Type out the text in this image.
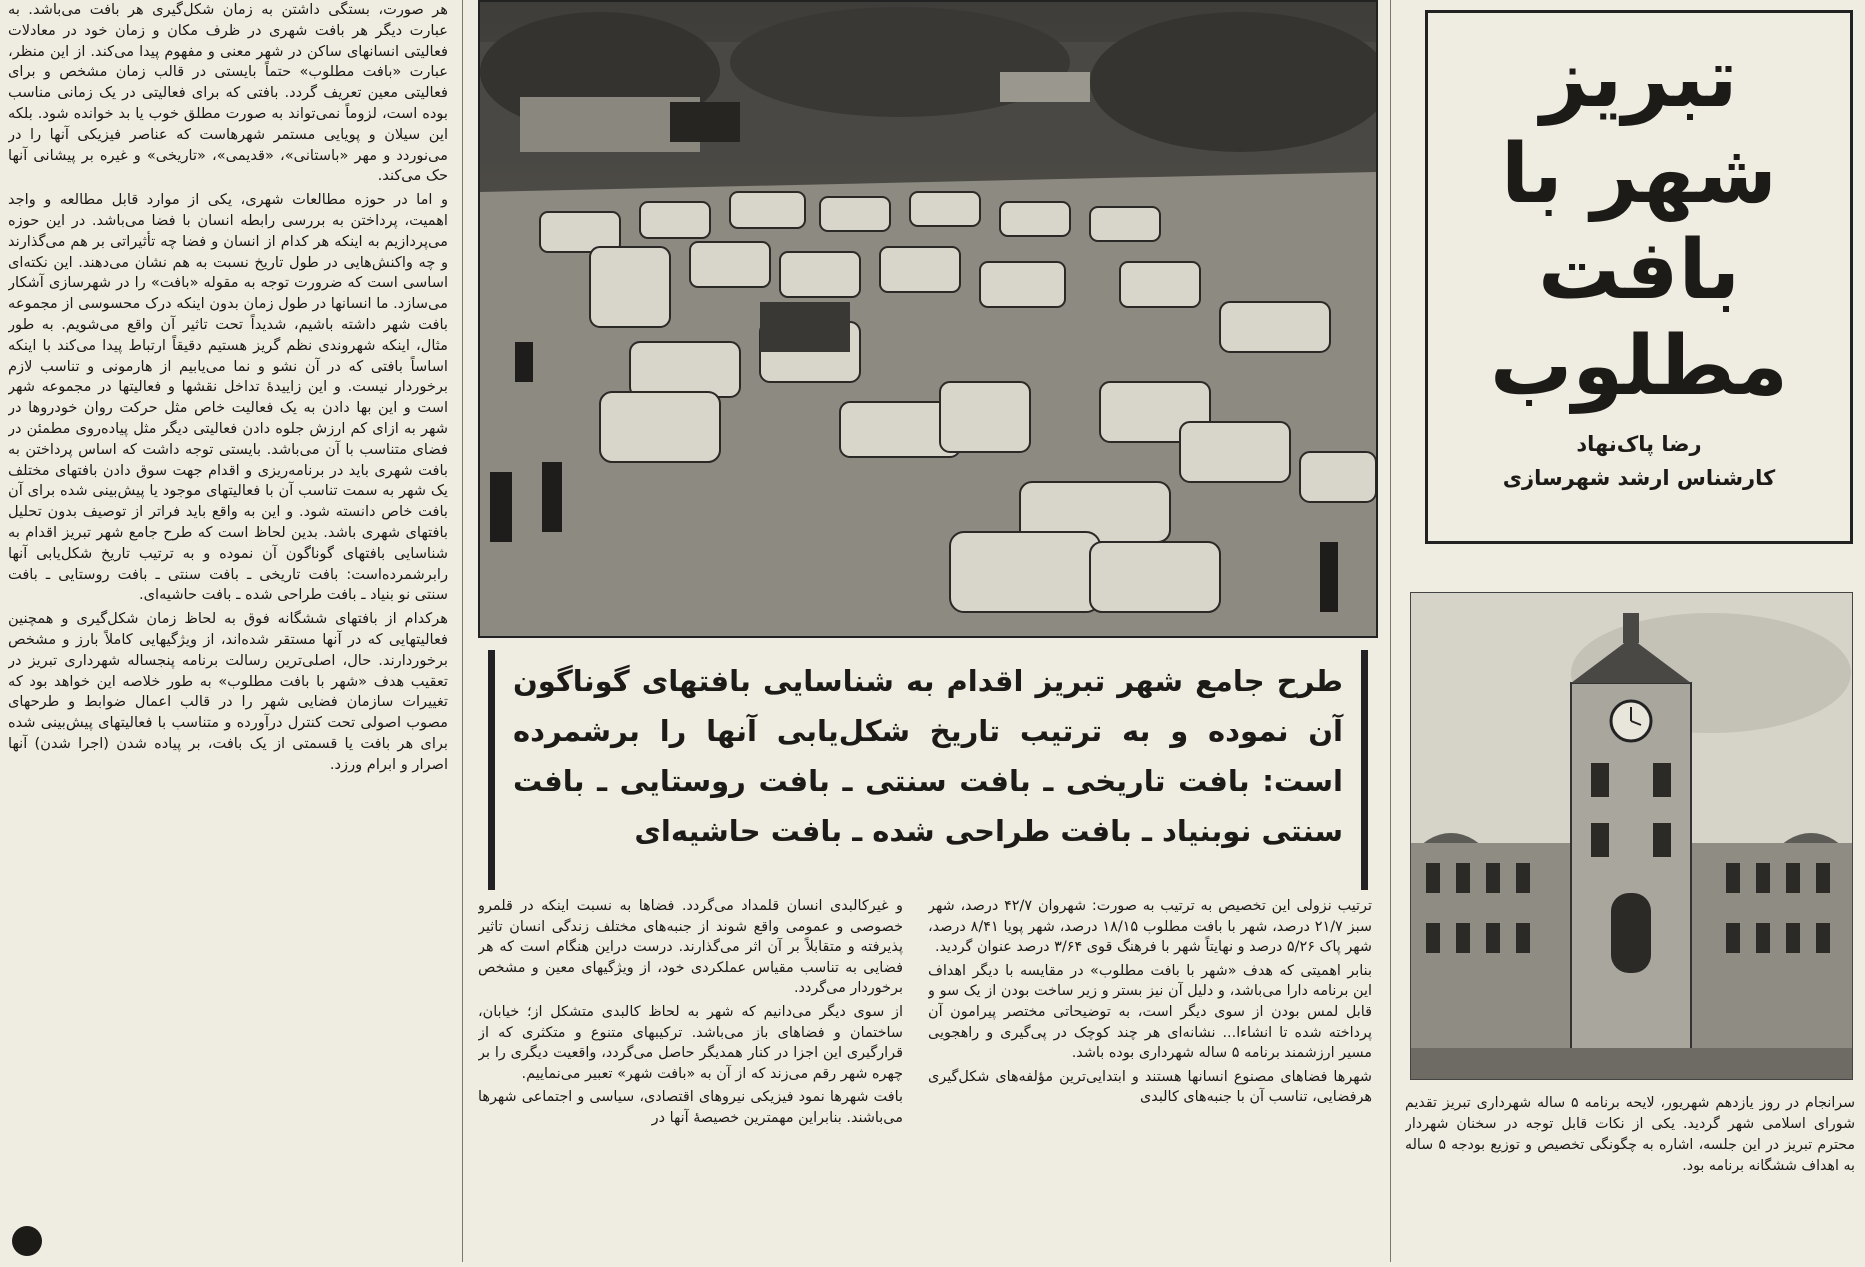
هر صورت، بستگی داشتن به زمان شکل‌گیری هر بافت می‌باشد. به عبارت دیگر هر بافت شهری در ظرف مکان و زمان خود در معادلات فعالیتی انسانهای ساکن در شهر معنی و مفهوم پیدا می‌کند. از این منظر، عبارت «بافت مطلوب» حتماً بایستی در قالب زمان مشخص و برای فعالیتی معین تعریف گردد. بافتی که برای فعالیتی در یک زمانی مناسب بوده است، لزوماً نمی‌تواند به صورت مطلق خوب یا بد خوانده شود. بلکه این سیلان و پویایی مستمر شهرهاست که عناصر فیزیکی آنها را در می‌نوردد و مهر «باستانی»، «قدیمی»، «تاریخی» و غیره بر پیشانی آنها حک می‌کند.

و اما در حوزه مطالعات شهری، یکی از موارد قابل مطالعه و واجد اهمیت، پرداختن به بررسی رابطه انسان با فضا می‌باشد. در این حوزه می‌پردازیم به اینکه هر کدام از انسان و فضا چه تأثیراتی بر هم می‌گذارند و چه واکنش‌هایی در طول تاریخ نسبت به هم نشان می‌دهند. این نکته‌ای اساسی است که ضرورت توجه به مقوله «بافت» را در شهرسازی آشکار می‌سازد. ما انسانها در طول زمان بدون اینکه درک محسوسی از مجموعه بافت شهر داشته باشیم، شدیداً تحت تاثیر آن واقع می‌شویم. به طور مثال، اینکه شهروندی نظم گریز هستیم دقیقاً ارتباط پیدا می‌کند با اینکه اساساً بافتی که در آن نشو و نما می‌یابیم از هارمونی و تناسب لازم برخوردار نیست. و این زاییدهٔ تداخل نقشها و فعالیتها در مجموعه شهر است و این بها دادن به یک فعالیت خاص مثل حرکت روان خودروها در شهر به ازای کم ارزش جلوه دادن فعالیتی دیگر مثل پیاده‌روی مطمئن در فضای متناسب با آن می‌باشد. بایستی توجه داشت که اساس پرداختن به بافت شهری باید در برنامه‌ریزی و اقدام جهت سوق دادن بافتهای مختلف یک شهر به سمت تناسب آن با فعالیتهای موجود یا پیش‌بینی شده برای آن بافت خاص دانسته شود. و این به واقع باید فراتر از توصیف بدون تحلیل بافتهای شهری باشد. بدین لحاظ است که طرح جامع شهر تبریز اقدام به شناسایی بافتهای گوناگون آن نموده و به ترتیب تاریخ شکل‌یابی آنها رابرشمرده‌است: بافت تاریخی ـ بافت سنتی ـ بافت روستایی ـ بافت سنتی نو بنیاد ـ بافت طراحی شده ـ بافت حاشیه‌ای.

هرکدام از بافتهای ششگانه فوق به لحاظ زمان شکل‌گیری و همچنین فعالیتهایی که در آنها مستقر شده‌اند، از ویژگیهایی کاملاً بارز و مشخص برخوردارند. حال، اصلی‌ترین رسالت برنامه پنجساله شهرداری تبریز در تعقیب هدف «شهر با بافت مطلوب» به طور خلاصه این خواهد بود که تغییرات سازمان فضایی شهر را در قالب اعمال ضوابط و طرحهای مصوب اصولی تحت کنترل درآورده و متناسب با فعالیتهای پیش‌بینی شده برای هر بافت یا قسمتی از یک بافت، بر پیاده شدن (اجرا شدن) آنها اصرار و ابرام ورزد.

طرح جامع شهر تبریز اقدام به شناسایی بافتهای گوناگون آن نموده و به ترتیب تاریخ شکل‌یابی آنها را برشمرده است: بافت تاریخی ـ بافت سنتی ـ بافت روستایی ـ بافت سنتی نوبنیاد ـ بافت طراحی شده ـ بافت حاشیه‌ای

و غیرکالبدی انسان قلمداد می‌گردد. فضاها به نسبت اینکه در قلمرو خصوصی و عمومی واقع شوند از جنبه‌های مختلف زندگی انسان تاثیر پذیرفته و متقابلاً بر آن اثر می‌گذارند. درست دراین هنگام است که هر فضایی به تناسب مقیاس عملکردی خود، از ویژگیهای معین و مشخص برخوردار می‌گردد.

از سوی دیگر می‌دانیم که شهر به لحاظ کالبدی متشکل از؛ خیابان، ساختمان و فضاهای باز می‌باشد. ترکیبهای متنوع و متکثری که از قرارگیری این اجزا در کنار همدیگر حاصل می‌گردد، واقعیت دیگری را بر چهره شهر رقم می‌زند که از آن به «بافت شهر» تعبیر می‌نماییم.

بافت شهرها نمود فیزیکی نیروهای اقتصادی، سیاسی و اجتماعی شهرها می‌باشند. بنابراین مهمترین خصیصهٔ آنها در

ترتیب نزولی این تخصیص به ترتیب به صورت: شهروان ۴۲/۷ درصد، شهر سبز ۲۱/۷ درصد، شهر با بافت مطلوب ۱۸/۱۵ درصد، شهر پویا ۸/۴۱ درصد، شهر پاک ۵/۲۶ درصد و نهایتاً شهر با فرهنگ قوی ۳/۶۴ درصد عنوان گردید.

بنابر اهمیتی که هدف «شهر با بافت مطلوب» در مقایسه با دیگر اهداف این برنامه دارا می‌باشد، و دلیل آن نیز بستر و زیر ساخت بودن از یک سو و قابل لمس بودن از سوی دیگر است، به توضیحاتی مختصر پیرامون آن پرداخته شده تا انشاءا... نشانه‌ای هر چند کوچک در پی‌گیری و راهجویی مسیر ارزشمند برنامه ۵ ساله شهرداری بوده باشد.

شهرها فضاهای مصنوع انسانها هستند و ابتدایی‌ترین مؤلفه‌های شکل‌گیری هرفضایی، تناسب آن با جنبه‌های کالبدی

تبریز
شهر با بافت
مطلوب
رضا پاک‌نهاد
کارشناس ارشد شهرسازی
سرانجام در روز یازدهم شهریور، لایحه برنامه ۵ ساله شهرداری تبریز تقدیم شورای اسلامی شهر گردید. یکی از نکات قابل توجه در سخنان شهردار محترم تبریز در این جلسه، اشاره به چگونگی تخصیص و توزیع بودجه ۵ ساله به اهداف ششگانه برنامه بود.
